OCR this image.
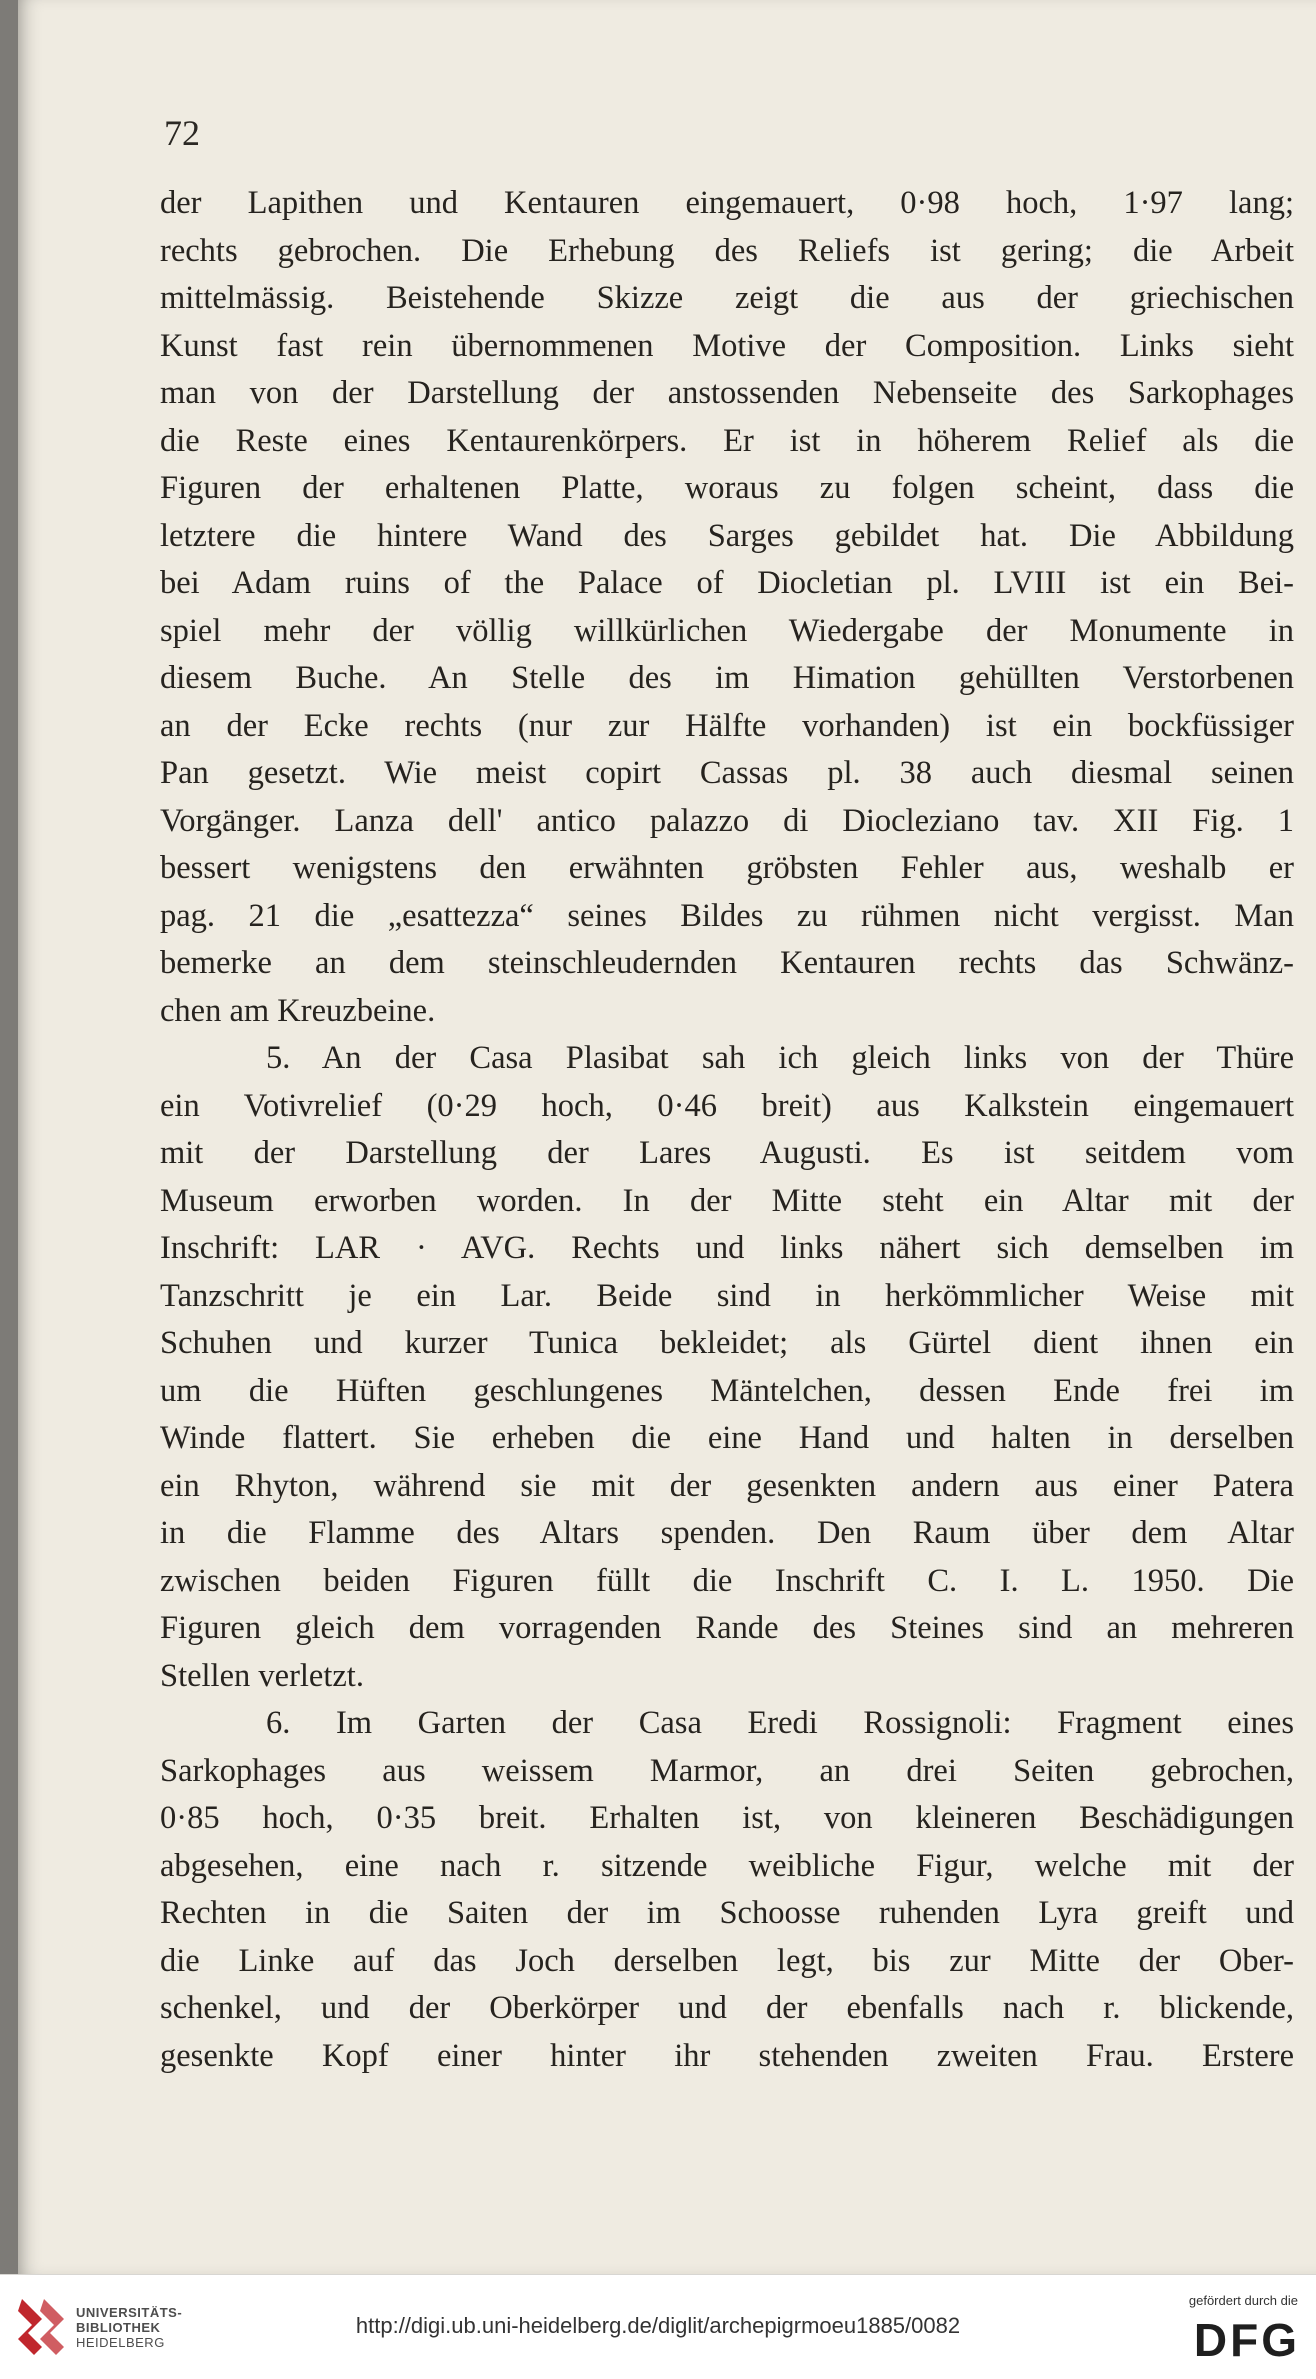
72
der Lapithen und Kentauren eingemauert, 0·98 hoch, 1·97 lang;
rechts gebrochen. Die Erhebung des Reliefs ist gering; die Arbeit
mittelmässig. Beistehende Skizze zeigt die aus der griechischen
Kunst fast rein übernommenen Motive der Composition. Links sieht
man von der Darstellung der anstossenden Nebenseite des Sarkophages
die Reste eines Kentaurenkörpers. Er ist in höherem Relief als die
Figuren der erhaltenen Platte, woraus zu folgen scheint, dass die
letztere die hintere Wand des Sarges gebildet hat. Die Abbildung
bei Adam ruins of the Palace of Diocletian pl. LVIII ist ein Bei-
spiel mehr der völlig willkürlichen Wiedergabe der Monumente in
diesem Buche. An Stelle des im Himation gehüllten Verstorbenen
an der Ecke rechts (nur zur Hälfte vorhanden) ist ein bockfüssiger
Pan gesetzt. Wie meist copirt Cassas pl. 38 auch diesmal seinen
Vorgänger. Lanza dell' antico palazzo di Diocleziano tav. XII Fig. 1
bessert wenigstens den erwähnten gröbsten Fehler aus, weshalb er
pag. 21 die „esattezza“ seines Bildes zu rühmen nicht vergisst. Man
bemerke an dem steinschleudernden Kentauren rechts das Schwänz-
chen am Kreuzbeine.
5. An der Casa Plasibat sah ich gleich links von der Thüre
ein Votivrelief (0·29 hoch, 0·46 breit) aus Kalkstein eingemauert
mit der Darstellung der Lares Augusti. Es ist seitdem vom
Museum erworben worden. In der Mitte steht ein Altar mit der
Inschrift: LAR · AVG. Rechts und links nähert sich demselben im
Tanzschritt je ein Lar. Beide sind in herkömmlicher Weise mit
Schuhen und kurzer Tunica bekleidet; als Gürtel dient ihnen ein
um die Hüften geschlungenes Mäntelchen, dessen Ende frei im
Winde flattert. Sie erheben die eine Hand und halten in derselben
ein Rhyton, während sie mit der gesenkten andern aus einer Patera
in die Flamme des Altars spenden. Den Raum über dem Altar
zwischen beiden Figuren füllt die Inschrift C. I. L. 1950. Die
Figuren gleich dem vorragenden Rande des Steines sind an mehreren
Stellen verletzt.
6. Im Garten der Casa Eredi Rossignoli: Fragment eines
Sarkophages aus weissem Marmor, an drei Seiten gebrochen,
0·85 hoch, 0·35 breit. Erhalten ist, von kleineren Beschädigungen
abgesehen, eine nach r. sitzende weibliche Figur, welche mit der
Rechten in die Saiten der im Schoosse ruhenden Lyra greift und
die Linke auf das Joch derselben legt, bis zur Mitte der Ober-
schenkel, und der Oberkörper und der ebenfalls nach r. blickende,
gesenkte Kopf einer hinter ihr stehenden zweiten Frau. Erstere
UNIVERSITÄTS-
BIBLIOTHEK
HEIDELBERG
http://digi.ub.uni-heidelberg.de/diglit/archepigrmoeu1885/0082
gefördert durch die
DFG
